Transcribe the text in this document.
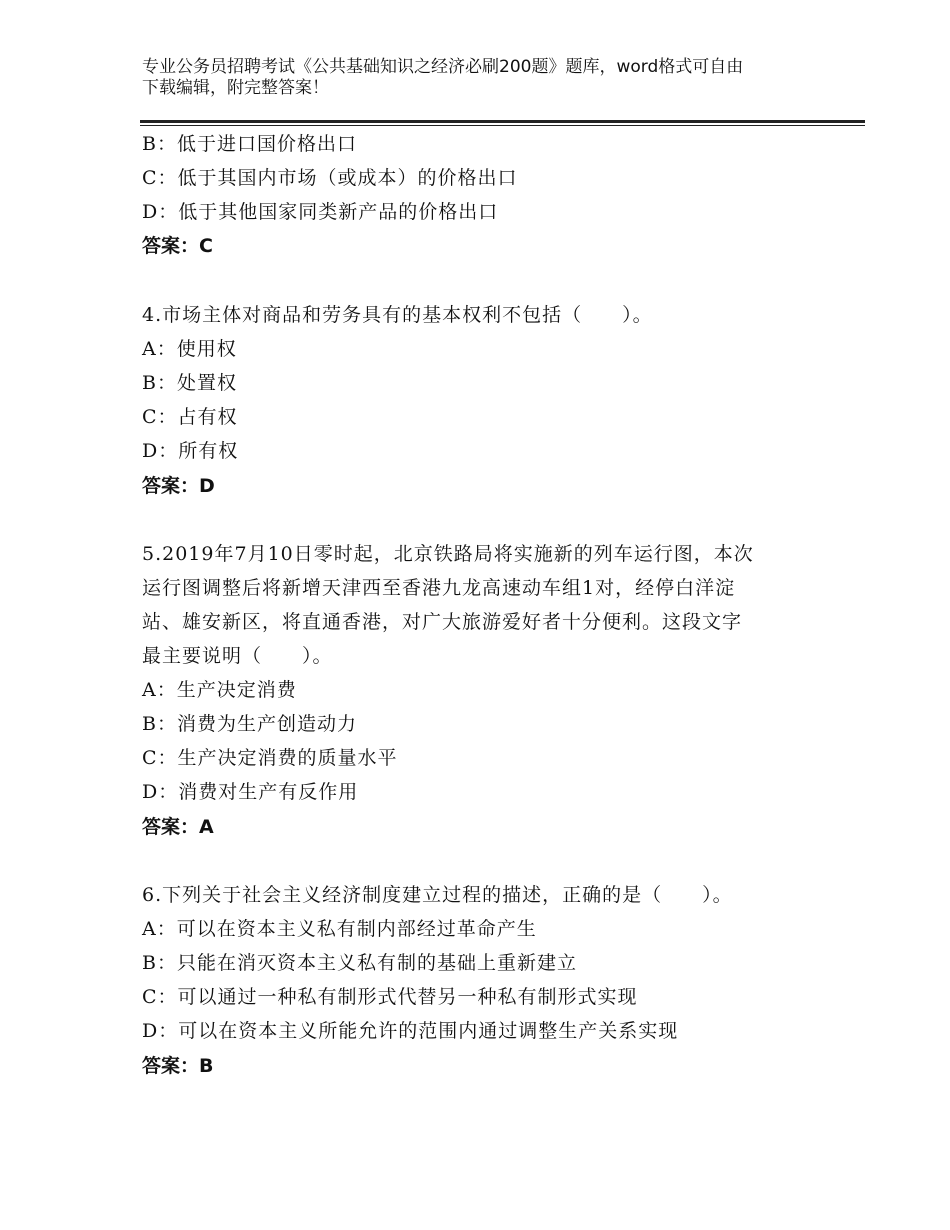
专业公务员招聘考试《公共基础知识之经济必刷200题》题库，word格式可自由
下载编辑，附完整答案！
B：低于进口国价格出口
C：低于其国内市场（或成本）的价格出口
D：低于其他国家同类新产品的价格出口
答案：C
4.市场主体对商品和劳务具有的基本权利不包括（　　）。
A：使用权
B：处置权
C：占有权
D：所有权
答案：D
5.2019年7月10日零时起，北京铁路局将实施新的列车运行图，本次
运行图调整后将新增天津西至香港九龙高速动车组1对，经停白洋淀
站、雄安新区，将直通香港，对广大旅游爱好者十分便利。这段文字
最主要说明（　　）。
A：生产决定消费
B：消费为生产创造动力
C：生产决定消费的质量水平
D：消费对生产有反作用
答案：A
6.下列关于社会主义经济制度建立过程的描述，正确的是（　　）。
A：可以在资本主义私有制内部经过革命产生
B：只能在消灭资本主义私有制的基础上重新建立
C：可以通过一种私有制形式代替另一种私有制形式实现
D：可以在资本主义所能允许的范围内通过调整生产关系实现
答案：B
